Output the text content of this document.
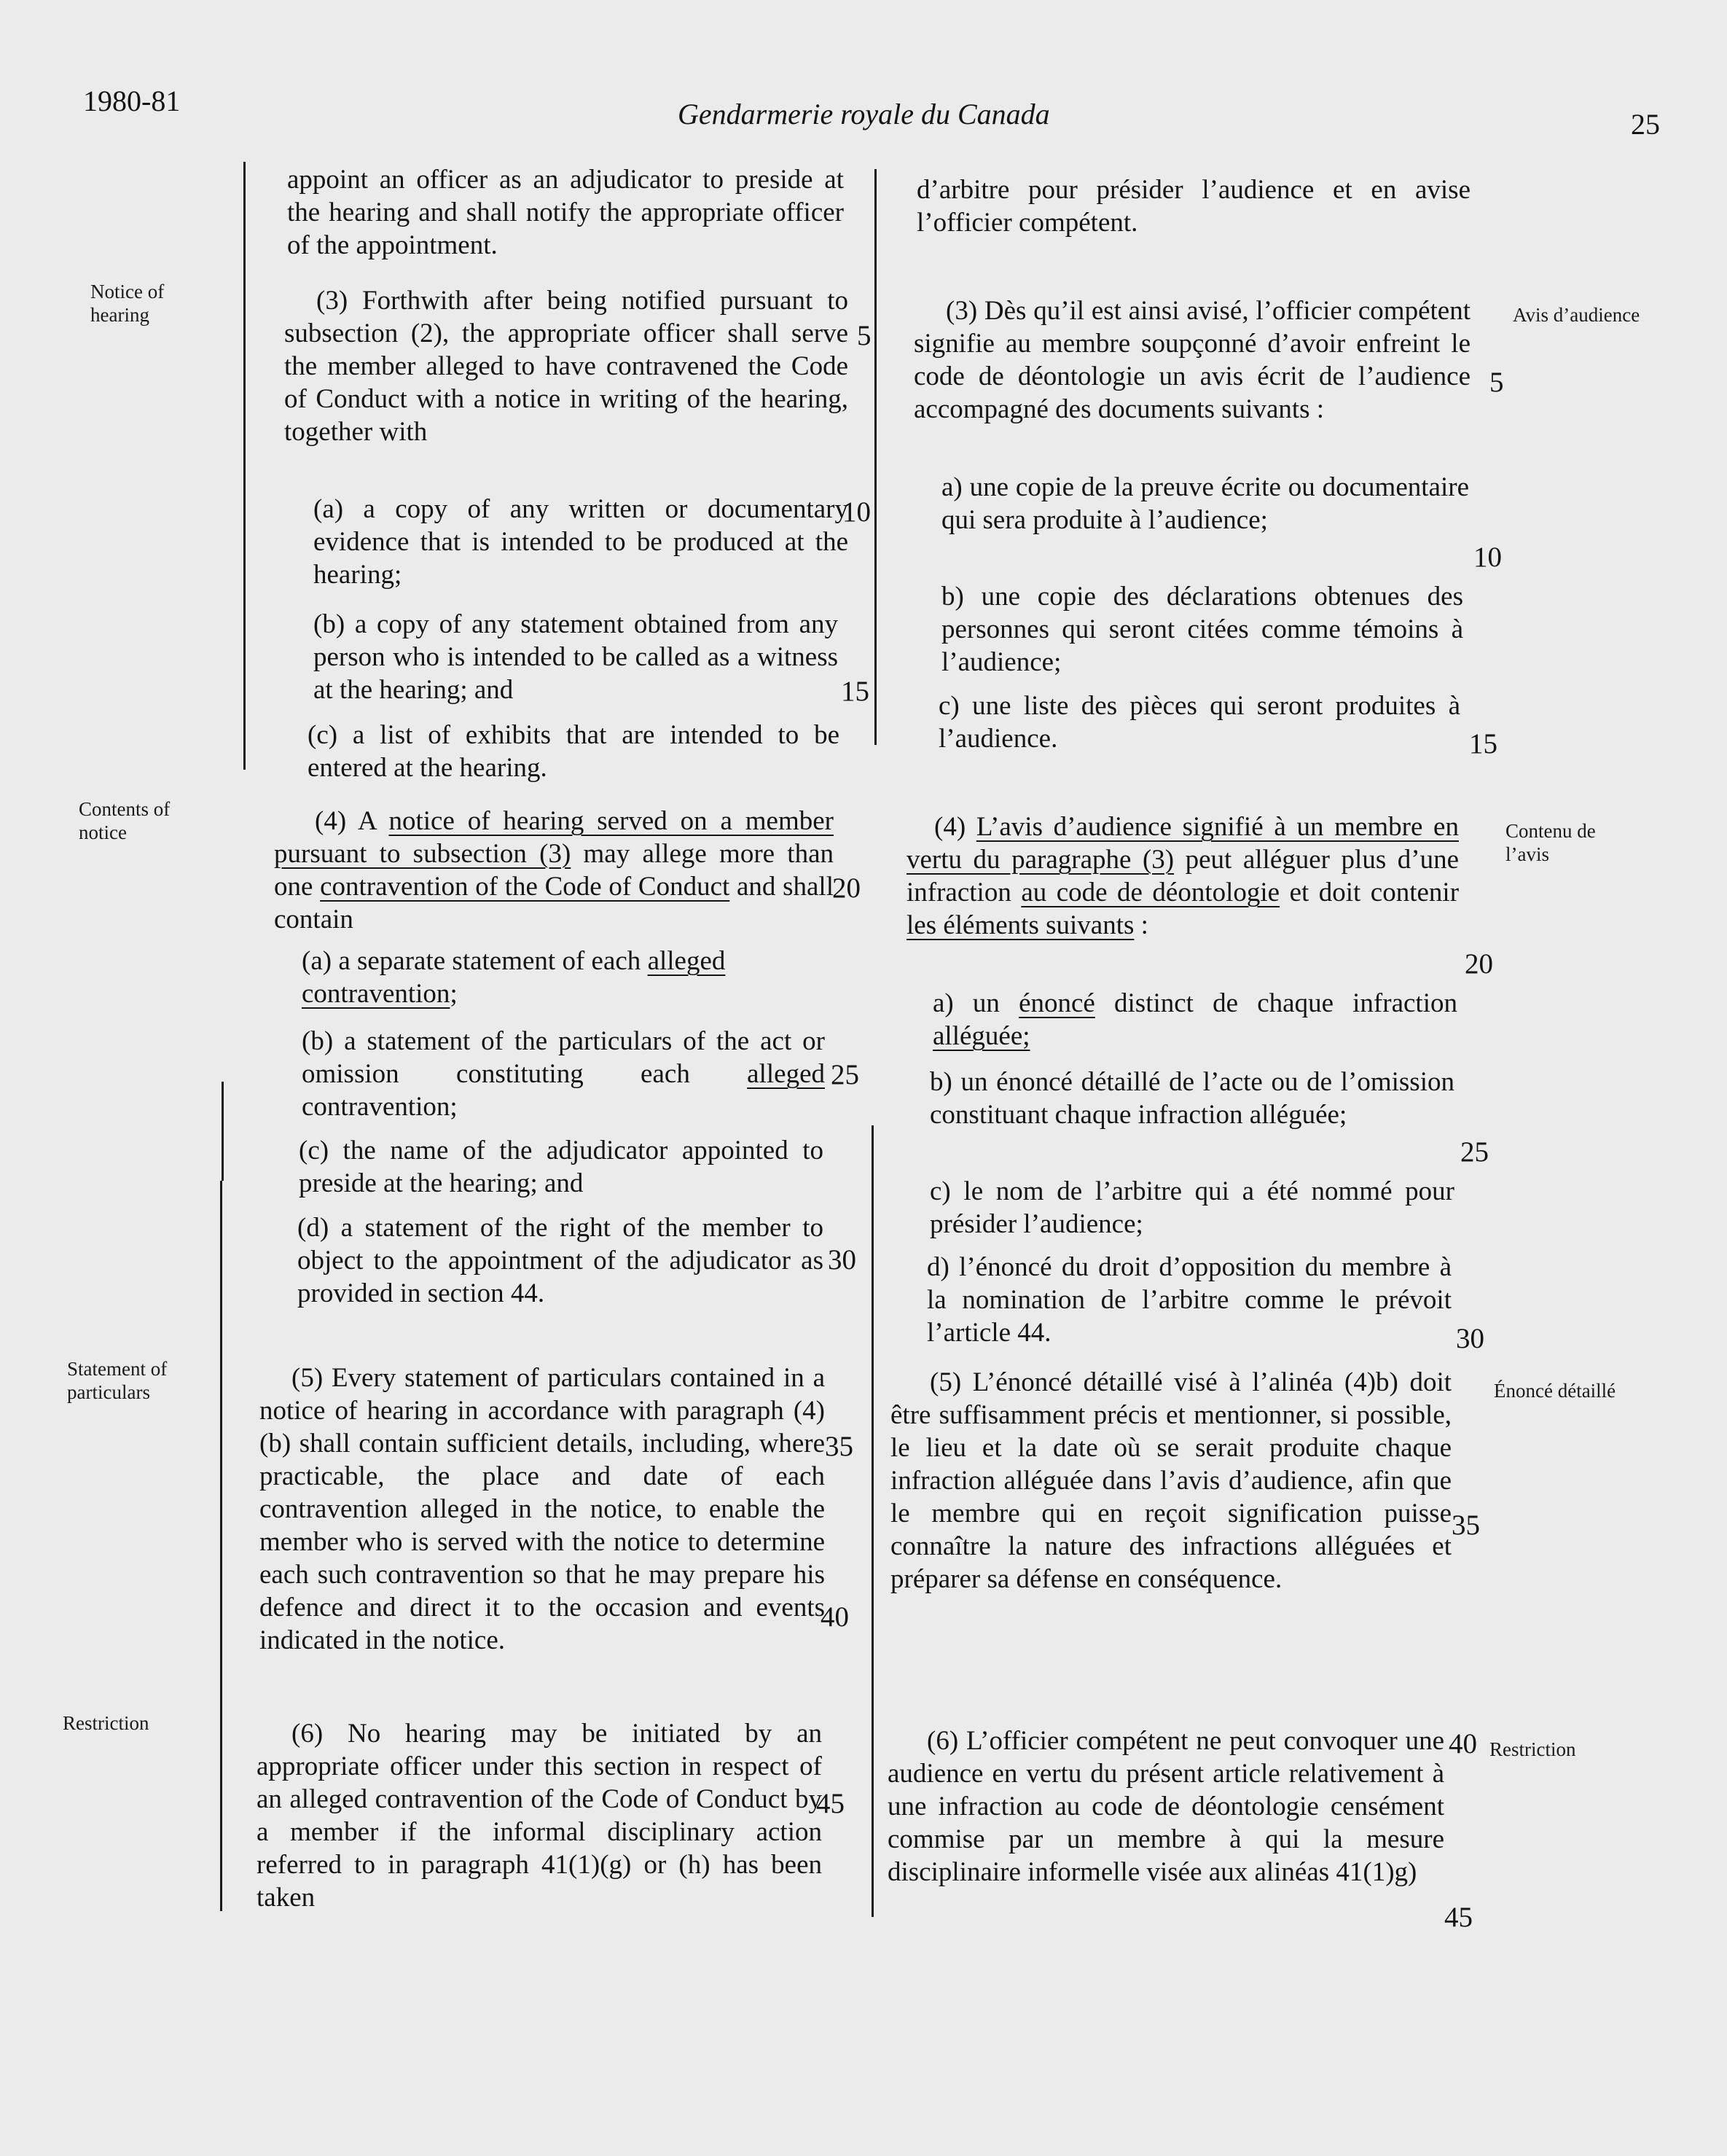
1980-81	Gendarmerie royale du Canada	25
Notice of hearing
Contents of notice
Statement of particulars
Restriction
Avis d’audience
Contenu de l’avis
Énoncé détaillé
Restriction
appoint an officer as an adjudicator to preside at the hearing and shall notify the appropriate officer of the appointment.
(3) Forthwith after being notified pursuant to subsection (2), the appropriate officer shall serve the member alleged to have contravened the Code of Conduct with a notice in writing of the hearing, together with
(a) a copy of any written or documentary evidence that is intended to be produced at the hearing;
(b) a copy of any statement obtained from any person who is intended to be called as a witness at the hearing; and
(c) a list of exhibits that are intended to be entered at the hearing.
(4) A notice of hearing served on a member pursuant to subsection (3) may allege more than one contravention of the Code of Conduct and shall contain
(a) a separate statement of each alleged contravention;
(b) a statement of the particulars of the act or omission constituting each alleged contravention;
(c) the name of the adjudicator appointed to preside at the hearing; and
(d) a statement of the right of the member to object to the appointment of the adjudicator as provided in section 44.
(5) Every statement of particulars contained in a notice of hearing in accordance with paragraph (4)(b) shall contain sufficient details, including, where practicable, the place and date of each contravention alleged in the notice, to enable the member who is served with the notice to determine each such contravention so that he may prepare his defence and direct it to the occasion and events indicated in the notice.
(6) No hearing may be initiated by an appropriate officer under this section in respect of an alleged contravention of the Code of Conduct by a member if the informal disciplinary action referred to in paragraph 41(1)(g) or (h) has been taken
5
10
15
20
25
30
35
40
45
d’arbitre pour présider l’audience et en avise l’officier compétent.
(3) Dès qu’il est ainsi avisé, l’officier compétent signifie au membre soupçonné d’avoir enfreint le code de déontologie un avis écrit de l’audience accompagné des documents suivants :
a) une copie de la preuve écrite ou documentaire qui sera produite à l’audience;
b) une copie des déclarations obtenues des personnes qui seront citées comme témoins à l’audience;
c) une liste des pièces qui seront produites à l’audience.
(4) L’avis d’audience signifié à un membre en vertu du paragraphe (3) peut alléguer plus d’une infraction au code de déontologie et doit contenir les éléments suivants :
a) un énoncé distinct de chaque infraction alléguée;
b) un énoncé détaillé de l’acte ou de l’omission constituant chaque infraction alléguée;
c) le nom de l’arbitre qui a été nommé pour présider l’audience;
d) l’énoncé du droit d’opposition du membre à la nomination de l’arbitre comme le prévoit l’article 44.
(5) L’énoncé détaillé visé à l’alinéa (4)b) doit être suffisamment précis et mentionner, si possible, le lieu et la date où se serait produite chaque infraction alléguée dans l’avis d’audience, afin que le membre qui en reçoit signification puisse connaître la nature des infractions alléguées et préparer sa défense en conséquence.
(6) L’officier compétent ne peut convoquer une audience en vertu du présent article relativement à une infraction au code de déontologie censément commise par un membre à qui la mesure disciplinaire informelle visée aux alinéas 41(1)g)
5
10
15
20
25
30
35
40
45
